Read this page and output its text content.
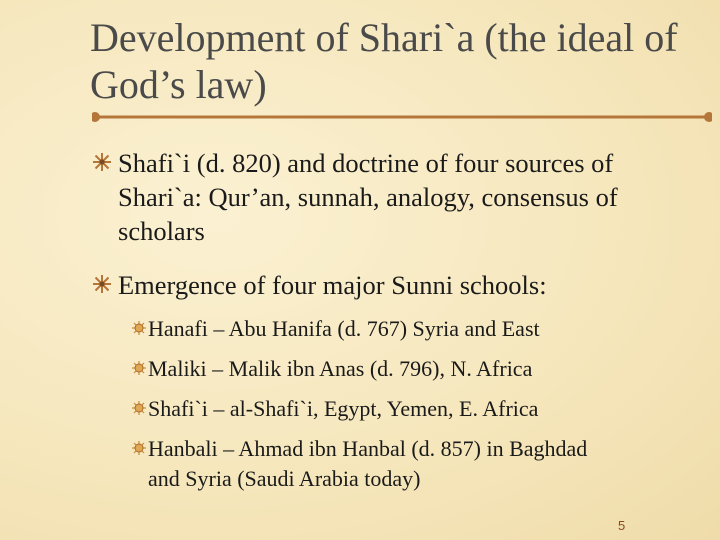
Development of Shari`a (the ideal of God’s law)
Shafi`i (d. 820) and doctrine of four sources of Shari`a: Qur’an, sunnah, analogy, consensus of scholars
Emergence of four major Sunni schools:
Hanafi – Abu Hanifa (d. 767) Syria and East
Maliki – Malik ibn Anas (d. 796), N. Africa
Shafi`i – al-Shafi`i, Egypt, Yemen, E. Africa
Hanbali – Ahmad ibn Hanbal (d. 857) in Baghdad and Syria (Saudi Arabia today)
5
